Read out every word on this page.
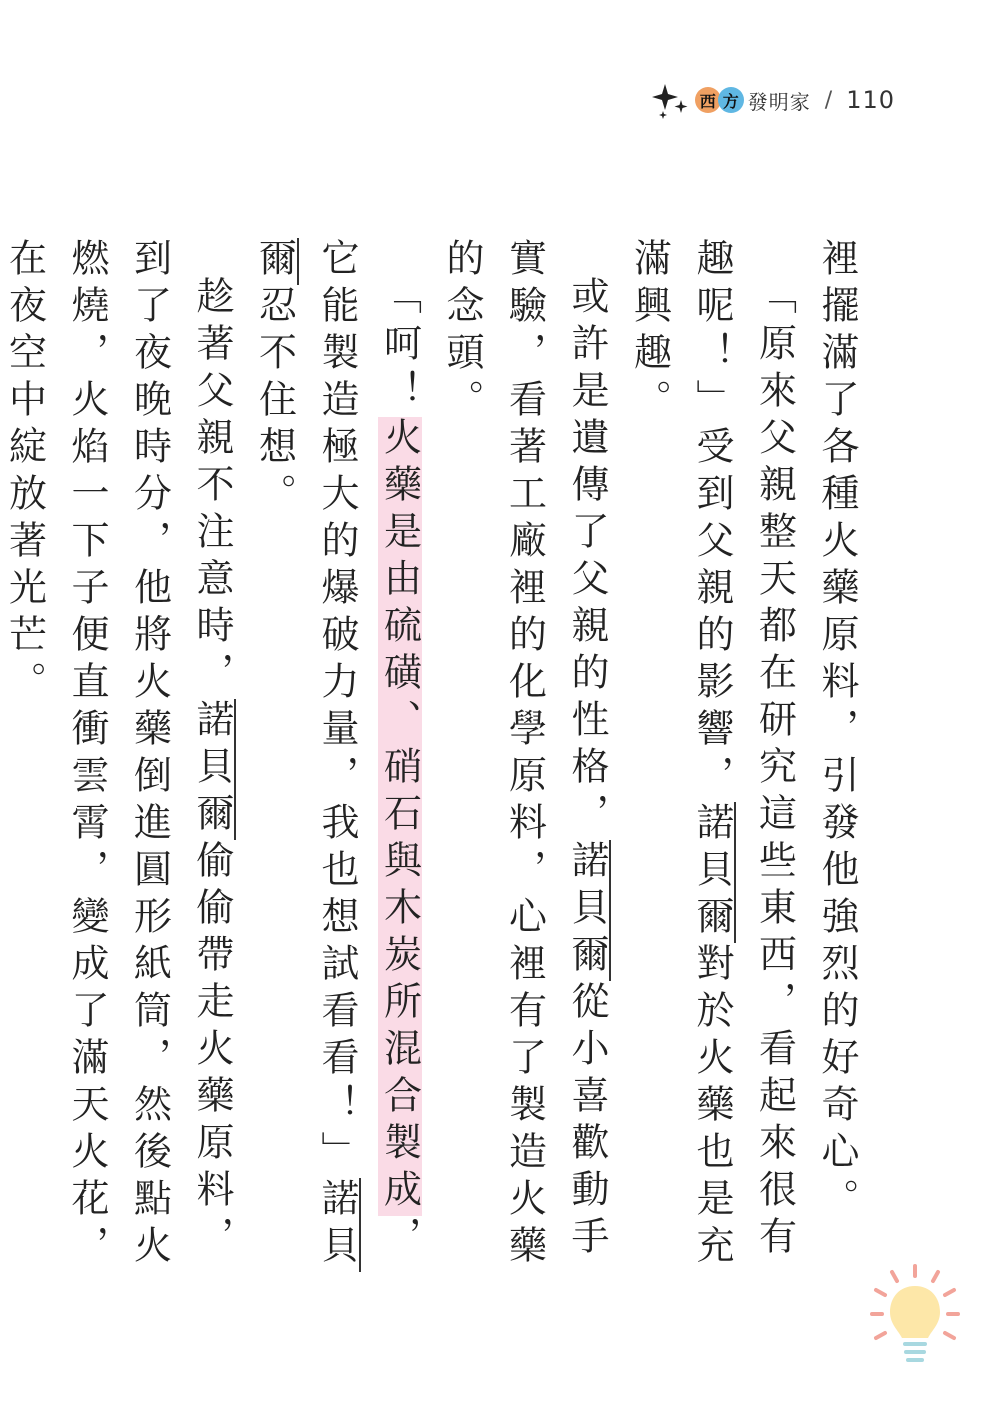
西 方 發明家 / 110

裡擺滿了各種火藥原料，引發他強烈的好奇心。

「原來父親整天都在研究這些東西，看起來很有趣呢！」受到父親的影響，諾貝爾對於火藥也是充滿興趣。

或許是遺傳了父親的性格，諾貝爾從小喜歡動手實驗，看著工廠裡的化學原料，心裡有了製造火藥的念頭。

「呵！火藥是由硫磺、硝石與木炭所混合製成，它能製造極大的爆破力量，我也想試看看！」諾貝爾忍不住想。

趁著父親不注意時，諾貝爾偷偷帶走火藥原料，到了夜晚時分，他將火藥倒進圓形紙筒，然後點火燃燒，火焰一下子便直衝雲霄，變成了滿天火花，在夜空中綻放著光芒。
